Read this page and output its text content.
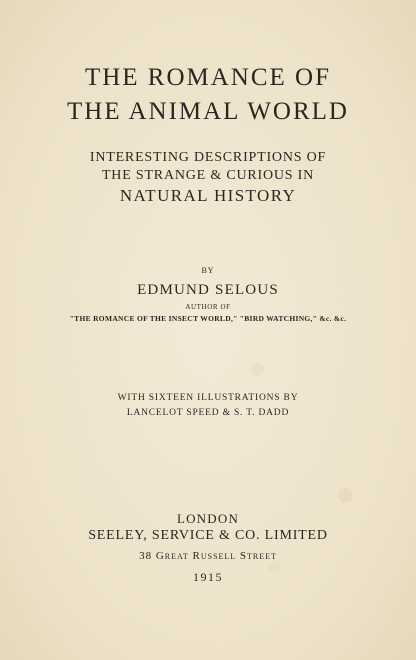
THE ROMANCE OF
THE ANIMAL WORLD
INTERESTING DESCRIPTIONS OF
THE STRANGE & CURIOUS IN
NATURAL HISTORY
BY
EDMUND SELOUS
AUTHOR OF
"THE ROMANCE OF THE INSECT WORLD," "BIRD WATCHING," &c. &c.
WITH SIXTEEN ILLUSTRATIONS BY
LANCELOT SPEED & S. T. DADD
LONDON
SEELEY, SERVICE & CO. LIMITED
38 Great Russell Street
1915
